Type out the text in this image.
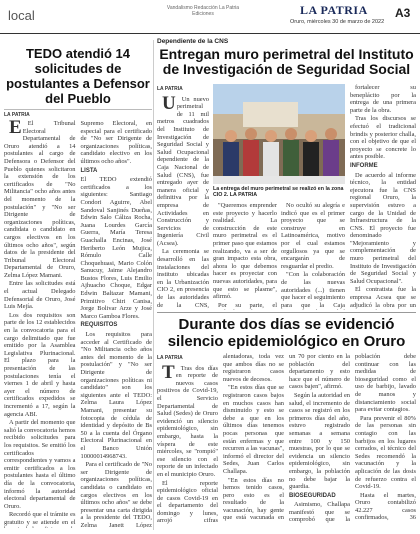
local	Vandalismo Redacción La Patria Ediciones	LA PATRIA
Oruro, miércoles 30 de marzo de 2022
A3
TEDO atendió 14 solicitudes de postulantes a Defensor del Pueblo
LA PATRIA

E El Tribunal Electoral Departamental de Oruro atendió a 14 postulantes al cargo de Defensora o Defensor del Pueblo quienes solicitaron la extensión de los certificados de "No Militancia" ocho años antes del momento de la postulación" y "No ser Dirigente de organizaciones políticas, candidata o candidato en cargos electivos en los últimos ocho años", según datos de la presidente del Tribunal Electoral Departamental de Oruro, Zelma López Mamani.

Entre las solicitudes está el actual Delegado Defensorial de Oruro, José Luis Mejía.

Los dos requisitos son parte de los 12 establecidos en la convocatoria para el cargo delimitado que fue emitido por la Asamblea Legislativa Plurinacional. El plazo para la presentación de las postulaciones tenía el viernes 1 de abril y hasta ayer el número de certificados expedidos se incrementó a 17, según la agencia ABI.

A partir del momento que salió la convocatoria hemos recibido solicitudes para los requisitos. Se emitió los certificados correspondientes y vamos a emitir certificados a los postulantes hasta el último día de la convocatoria, informó la autoridad electoral departamental de Oruro.

Recordó que el trámite es gratuito y se atiende en el Supremo Electoral, en especial para el certificado de "No ser Dirigente de organizaciones políticas, candidato electivo en los últimos ocho años".

LISTA

El TEDO extendió certificados a los siguientes: Santiago Condori Aguirre, Abel Sandoval Sanjinés Dueñas, Edwin Salo Cáliza Rocha, Juana Lourdes García Guerra, María Teresa Guachalla Encinas, José Heriberto León Mujica, Rómulo Calle Choquehuasi, Mario Colón Sanucuy, Jaime Alejandro Bustos Flores, Luis Emilio Ajhuacho Choque, Edgar Edwin Baltazar Mamani, Primitivo Chiri Canisa, Jorge Bolivar Arze y José Marco Gamboa Flores.

REQUISITOS

Los requisitos para acceder al Certificado de "No Militancia ocho años antes del momento de la postulación" y "No ser Dirigente de organizaciones políticas ni candidato" son los siguientes ante el TEDO: Zelma Laura López Mamani, presentar su fotocopia de cédula de identidad y depósito de Bs 50 a la cuenta del Órgano Electoral Plurinacional en el Banco Unión 10000014968743.

Para el certificado de "No ser Dirigente de organizaciones políticas, candidata o candidato en cargos electivos en los últimos ocho años" se debe presentar una carta dirigida a la presidente del TEDO, Zelma Janett López

Dependiente de la CNS
Entregan muro perimetral del Instituto de Investigación de Seguridad Social
LA PATRIA

U Un nuevo perimetral de 11 mil metros cuadrados del Instituto de Investigación de Seguridad Social y Salud Ocupacional dependiente de la Caja Nacional de Salud (CNS), fue entregado ayer de manera oficial y definitiva por la empresa de Actividades en Construcción y Servicios de Ingeniería Civil (Acsea).

La ceremonia se desarrolló en las instalaciones del instituto ubicadas en la Urbanización CIO 2, en presencia de las autoridades de la CNS,

La entrega del muro perimetral se realizó en la zona CIO 2. LA PATRIA

"Queremos emprender este proyecto y hacerlo realidad. La construcción de este muro perimetral es el primer paso que estamos realizando, va a ser de gran impacto esta obra, ahora lo que debemos hacer es proyectar con nuevas autoridades, para que esto se plasme", afirmó.

Por su parte, el

No ocultó su alegría e indicó que es el primer proyecto que se construye en Latinoamérica, motivo por el cual estamos orgullosos ya que se encargarán de resguardar el predio.

"Con la colaboración de las nuevas autoridades (...) tienen que hacer el seguimiento para que la Caja

fortalecer su beneplácito por la entrega de una primera parte de la obra.

Tras los discursos se efectuó el tradicional brindis y posterior challa, con el objetivo de que el proyecto se concrete lo antes posible.

INFORME

De acuerdo al informe técnico, la entidad ejecutora fue la CNS regional Oruro, la supervisión estuvo a cargo de la Unidad de Infraestructura de la CNS. El proyecto fue denominado "Mejoramiento y complementación de muro perimetral del Instituto de Investigación de Seguridad Social y Salud Ocupacional".

El contratista fue la empresa Acsea que se adjudicó la obra por un

Durante dos días se evidenció silencio epidemiológico en Oruro
LA PATRIA

T Tras dos días en reporte de nuevos casos positivos de Covid-19, el Servicio Departamental de Salud (Sedes) de Oruro evidenció un silencio epidemiológico, sin embargo, hasta la víspera de este miércoles, se "rompió" ese silencio con el reporte de un infectado en el municipio Oruro.

El reporte epidemiológico oficial de casos Covid-19 en el departamento del domingo y lunes, arrojó cifras alentadoras, toda vez que ambos días no se registraron casos nuevos de decesos.

"En estos días que se registraron casos bajos en muchos casos han disminuido y esto se debe a que en los últimos días tenemos pocas personas que están enfermas y que recurren a las vacunas", informó el director del Sedes, Juan Carlos Challapa.

"En estos días no hemos tenido casos, pero esto es el resultado de la vacunación, hay gente que está vacunada en un 70 por ciento en la población del departamento y esto hace que el número de casos bajen", afirmó.

Según la autoridad en salud, el incremento de casos se registró en los primeros días del año, estuvo registrado semanas a semana entre 100 y 150 muestras, por lo que se evidencia un silencio epidemiológico, sin embargo, la población no debe bajar la guardia.

BIOSEGURIDAD

Asimismo, Challapa manifestó que se comprobó que la población debe continuar con las medidas de bioseguridad como el uso de barbijo, lavado de manos y distanciamiento social para evitar contagios.

Para prevenir el 80% de las personas sin contagio con las barbijos en los lugares cerrados, el técnico del Sedes recomendó la vacunación y la aplicación de las dosis de refuerzo contra el Covid-19.

Hasta el martes, Oruro contabilizó 42.227 casos confirmados, 36
